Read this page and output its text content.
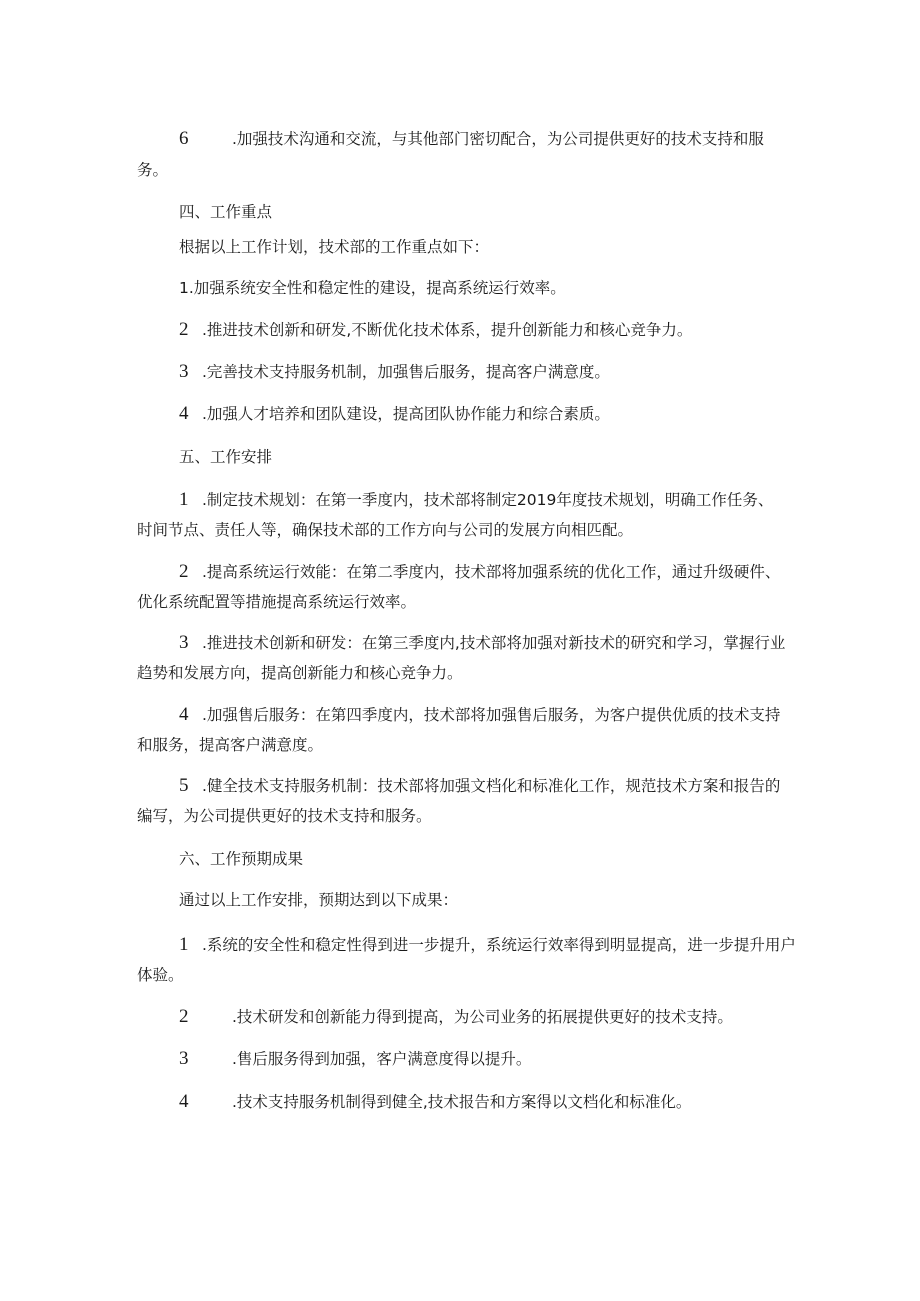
6	.加强技术沟通和交流，与其他部门密切配合，为公司提供更好的技术支持和服
务。
四、工作重点
根据以上工作计划，技术部的工作重点如下：
1.加强系统安全性和稳定性的建设，提高系统运行效率。
2 .推进技术创新和研发,不断优化技术体系，提升创新能力和核心竞争力。
3 .完善技术支持服务机制，加强售后服务，提高客户满意度。
4 .加强人才培养和团队建设，提高团队协作能力和综合素质。
五、工作安排
1 .制定技术规划：在第一季度内，技术部将制定2019年度技术规划，明确工作任务、
时间节点、责任人等，确保技术部的工作方向与公司的发展方向相匹配。
2 .提高系统运行效能：在第二季度内，技术部将加强系统的优化工作，通过升级硬件、
优化系统配置等措施提高系统运行效率。
3 .推进技术创新和研发：在第三季度内,技术部将加强对新技术的研究和学习，掌握行业
趋势和发展方向，提高创新能力和核心竞争力。
4 .加强售后服务：在第四季度内，技术部将加强售后服务，为客户提供优质的技术支持
和服务，提高客户满意度。
5 .健全技术支持服务机制：技术部将加强文档化和标准化工作，规范技术方案和报告的
编写，为公司提供更好的技术支持和服务。
六、工作预期成果
通过以上工作安排，预期达到以下成果：
1 .系统的安全性和稳定性得到进一步提升，系统运行效率得到明显提高，进一步提升用户
体验。
2	.技术研发和创新能力得到提高，为公司业务的拓展提供更好的技术支持。
3	.售后服务得到加强，客户满意度得以提升。
4	.技术支持服务机制得到健全,技术报告和方案得以文档化和标准化。
